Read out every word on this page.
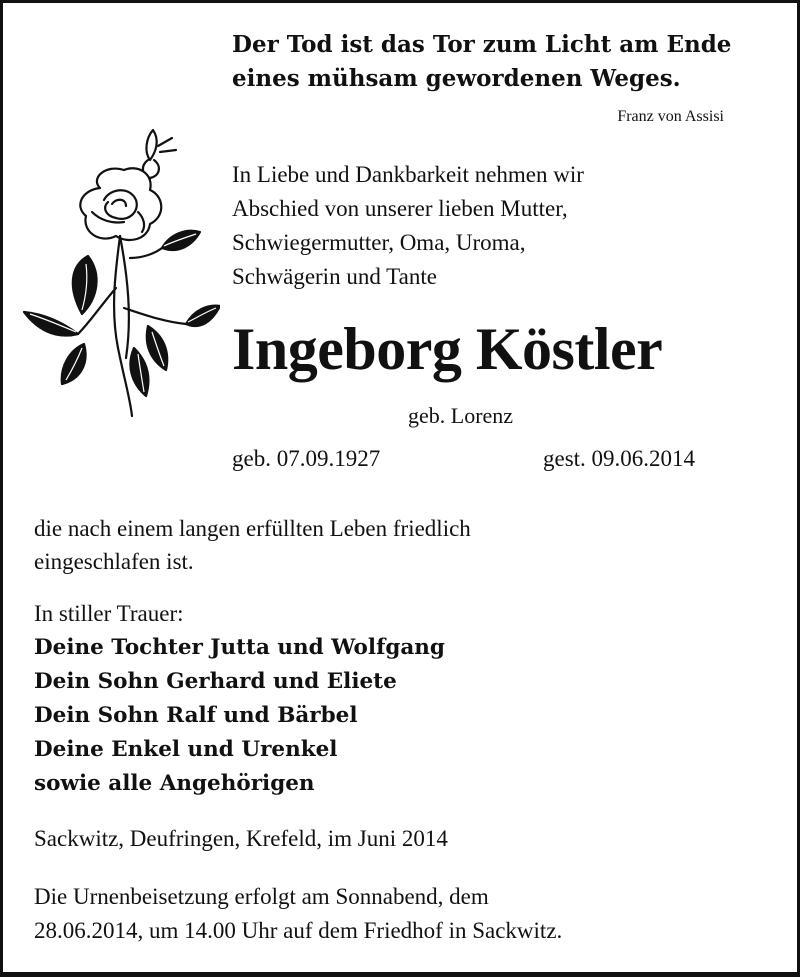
Der Tod ist das Tor zum Licht am Ende
eines mühsam gewordenen Weges.
Franz von Assisi
In Liebe und Dankbarkeit nehmen wir
Abschied von unserer lieben Mutter,
Schwiegermutter, Oma, Uroma,
Schwägerin und Tante
Ingeborg Köstler
geb. Lorenz
geb. 07.09.1927	gest. 09.06.2014
die nach einem langen erfüllten Leben friedlich
eingeschlafen ist.
In stiller Trauer:
Deine Tochter Jutta und Wolfgang
Dein Sohn Gerhard und Eliete
Dein Sohn Ralf und Bärbel
Deine Enkel und Urenkel
sowie alle Angehörigen
Sackwitz, Deufringen, Krefeld, im Juni 2014
Die Urnenbeisetzung erfolgt am Sonnabend, dem
28.06.2014, um 14.00 Uhr auf dem Friedhof in Sackwitz.
